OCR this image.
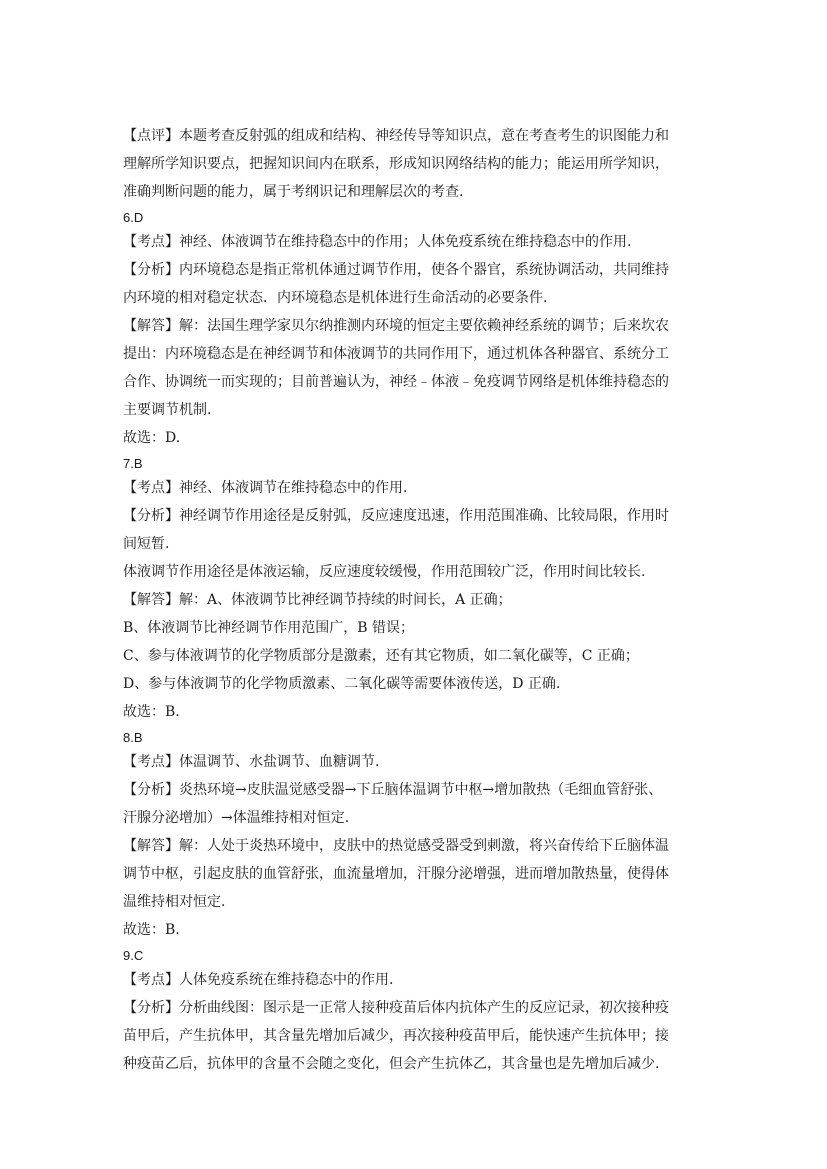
【点评】本题考查反射弧的组成和结构、神经传导等知识点，意在考查考生的识图能力和

理解所学知识要点，把握知识间内在联系，形成知识网络结构的能力；能运用所学知识，

准确判断问题的能力，属于考纲识记和理解层次的考查.

6.D

【考点】神经、体液调节在维持稳态中的作用；人体免疫系统在维持稳态中的作用.

【分析】内环境稳态是指正常机体通过调节作用，使各个器官，系统协调活动，共同维持

内环境的相对稳定状态．内环境稳态是机体进行生命活动的必要条件.

【解答】解：法国生理学家贝尔纳推测内环境的恒定主要依赖神经系统的调节；后来坎农

提出：内环境稳态是在神经调节和体液调节的共同作用下，通过机体各种器官、系统分工

合作、协调统一而实现的；目前普遍认为，神经﹣体液﹣免疫调节网络是机体维持稳态的

主要调节机制.

故选：D.

7.B

【考点】神经、体液调节在维持稳态中的作用.

【分析】神经调节作用途径是反射弧，反应速度迅速，作用范围准确、比较局限，作用时

间短暂.

体液调节作用途径是体液运输，反应速度较缓慢，作用范围较广泛，作用时间比较长.

【解答】解：A、体液调节比神经调节持续的时间长，A 正确；

B、体液调节比神经调节作用范围广，B 错误；

C、参与体液调节的化学物质部分是激素，还有其它物质，如二氧化碳等，C 正确；

D、参与体液调节的化学物质激素、二氧化碳等需要体液传送，D 正确.

故选：B.

8.B

【考点】体温调节、水盐调节、血糖调节.

【分析】炎热环境→皮肤温觉感受器→下丘脑体温调节中枢→增加散热（毛细血管舒张、

汗腺分泌增加）→体温维持相对恒定.

【解答】解：人处于炎热环境中，皮肤中的热觉感受器受到刺激，将兴奋传给下丘脑体温

调节中枢，引起皮肤的血管舒张，血流量增加，汗腺分泌增强，进而增加散热量，使得体

温维持相对恒定.

故选：B.

9.C

【考点】人体免疫系统在维持稳态中的作用.

【分析】分析曲线图：图示是一正常人接种疫苗后体内抗体产生的反应记录，初次接种疫

苗甲后，产生抗体甲，其含量先增加后减少，再次接种疫苗甲后，能快速产生抗体甲；接

种疫苗乙后，抗体甲的含量不会随之变化，但会产生抗体乙，其含量也是先增加后减少.
